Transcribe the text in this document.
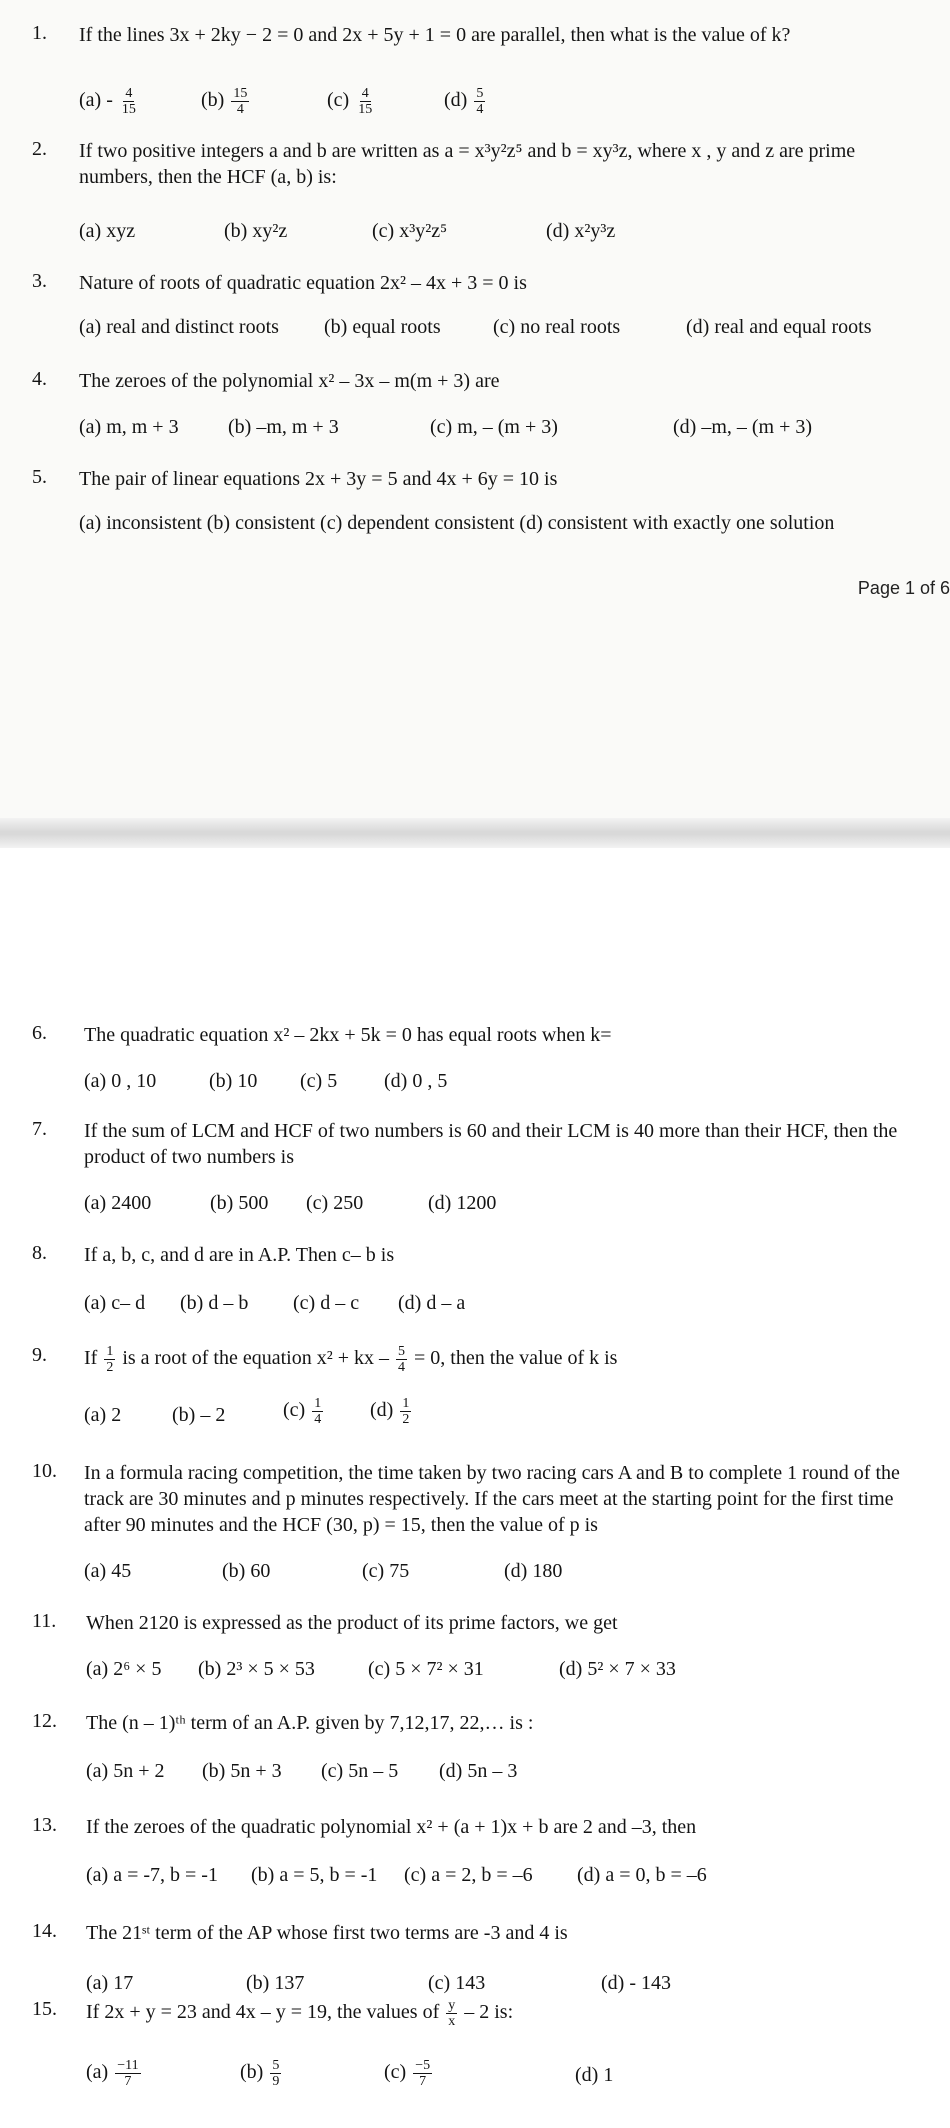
1. If the lines 3x + 2ky − 2 = 0 and 2x + 5y + 1 = 0 are parallel, then what is the value of k?
$(a) - \frac{4}{15}$	$(b) \frac{15}{4}$	$(c) \frac{4}{15}$	$(d) \frac{5}{4}$
2. If two positive integers a and b are written as a = x³y²z⁵ and b = xy³z, where x , y and z are prime numbers, then the HCF (a, b) is:
(a) xyz	(b) xy²z	(c) x³y²z⁵	(d) x²y³z
3. Nature of roots of quadratic equation 2x² – 4x + 3 = 0 is
(a) real and distinct roots (b) equal roots	(c) no real roots	(d) real and equal roots
4. The zeroes of the polynomial x² – 3x – m(m + 3) are
(a) m, m + 3 (b) –m, m + 3	(c) m, – (m + 3)	(d) –m, – (m + 3)
5. The pair of linear equations 2x + 3y = 5 and 4x + 6y = 10 is
(a) inconsistent (b) consistent (c) dependent consistent (d) consistent with exactly one solution
Page 1 of 6
6. The quadratic equation x² – 2kx + 5k = 0 has equal roots when k=
(a) 0 , 10	(b) 10 (c) 5 (d) 0 , 5
7. If the sum of LCM and HCF of two numbers is 60 and their LCM is 40 more than their HCF, then the product of two numbers is
(a) 2400	(b) 500 (c) 250	(d) 1200
8. If a, b, c, and d are in A.P. Then c– b is
(a) c– d (b) d – b (c) d – c (d) d – a
9. If $\frac{1}{2}$ is a root of the equation x² + kx – $\frac{5}{4} = 0$, then the value of k is
(a) 2	(b) – 2	$(c) \frac{1}{4} (d) \frac{1}{2}$
10. In a formula racing competition, the time taken by two racing cars A and B to complete 1 round of the track are 30 minutes and p minutes respectively. If the cars meet at the starting point for the first time after 90 minutes and the HCF (30, p) = 15, then the value of p is
(a) 45	(b) 60	(c) 75	(d) 180
11. When 2120 is expressed as the product of its prime factors, we get
(a) 2⁶ × 5 (b) 2³ × 5 × 53	(c) 5 × 7² × 31	(d) 5² × 7 × 33
12. The (n – 1)ᵗʰ term of an A.P. given by 7,12,17, 22,… is :
(a) 5n + 2 (b) 5n + 3 (c) 5n – 5 (d) 5n – 3
13. If the zeroes of the quadratic polynomial x² + (a + 1)x + b are 2 and –3, then
(a) a = -7, b = -1 (b) a = 5, b = -1 (c) a = 2, b = –6 (d) a = 0, b = –6
14. The 21ˢᵗ term of the AP whose first two terms are -3 and 4 is
(a) 17	(b) 137	(c) 143	(d) - 143
15. If 2x + y = 23 and 4x – y = 19, the values of $\frac{y}{x} - 2$ is:
$(a) \frac{-11}{7}$	$(b) \frac{5}{9}$	$(c) \frac{-5}{7}$	(d) 1
